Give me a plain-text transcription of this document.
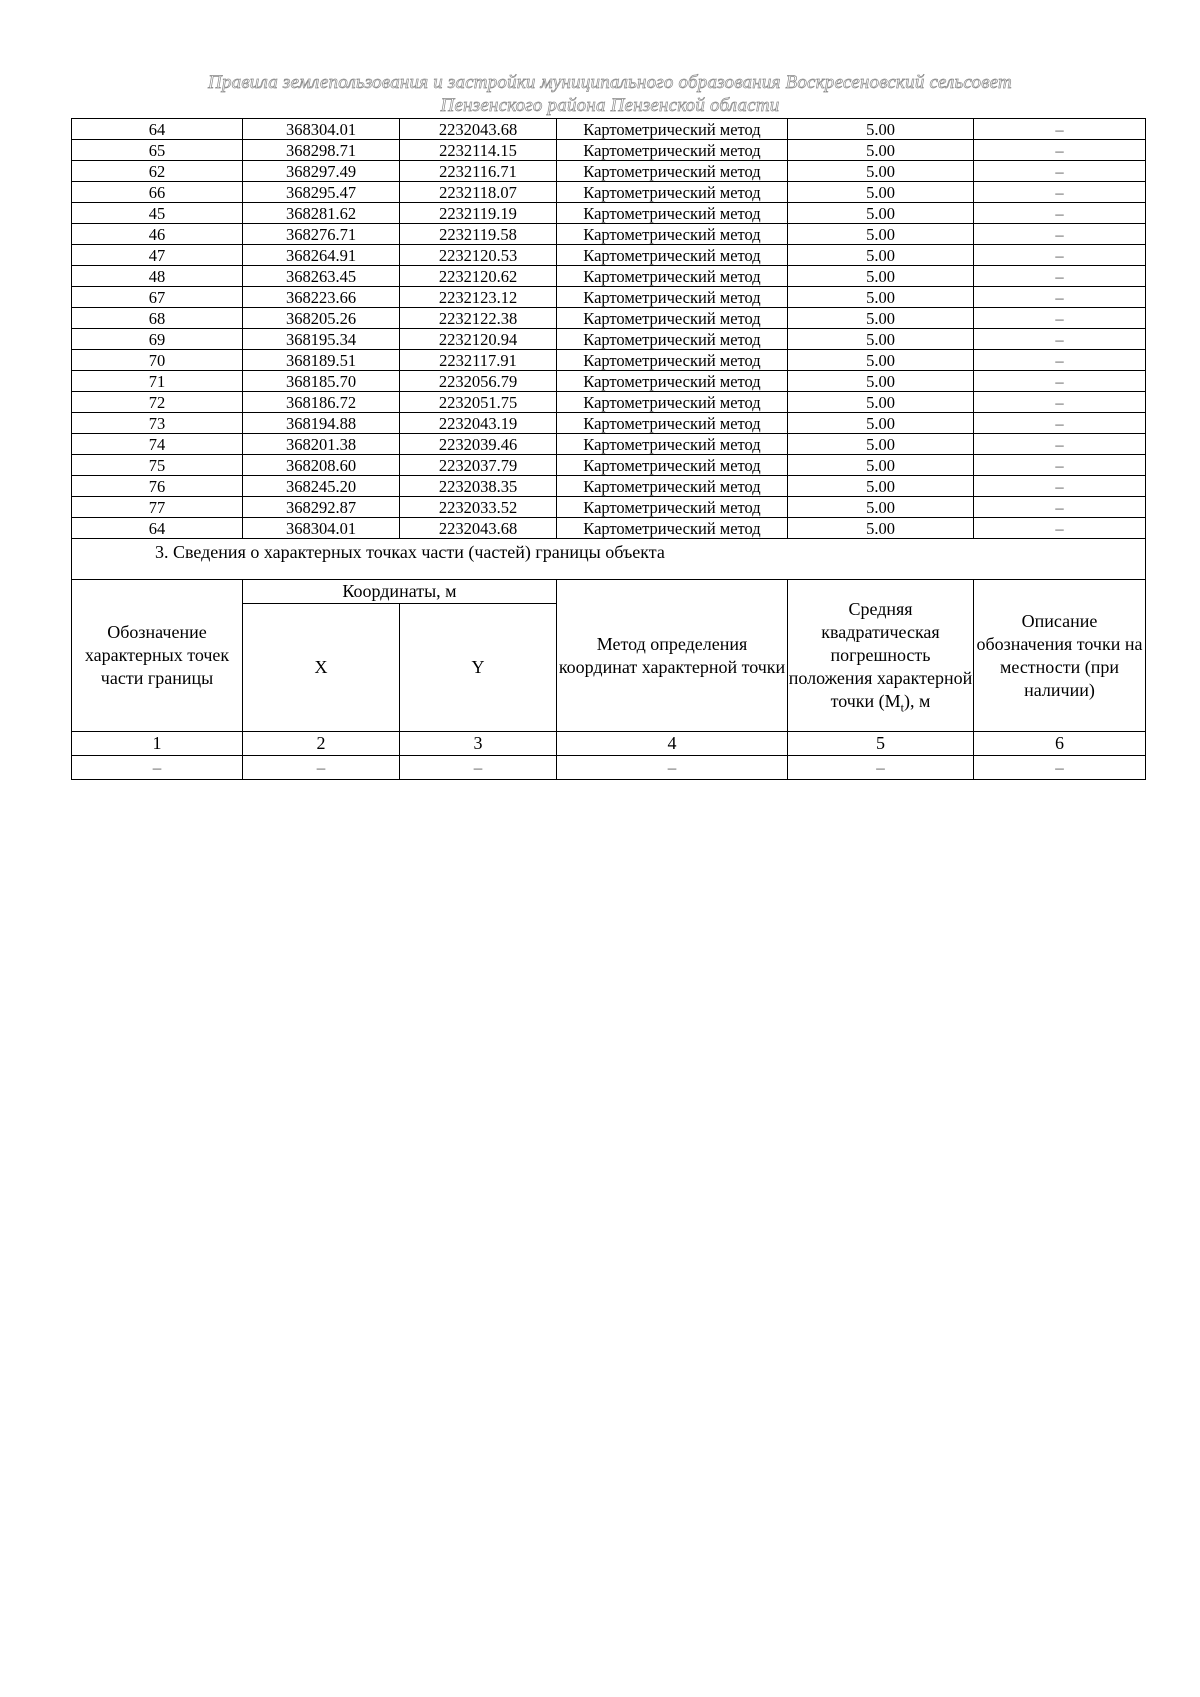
Правила землепользования и застройки муниципального образования Воскресеновский сельсовет
Пензенского района Пензенской области
64	368304.01	2232043.68	Картометрический метод	5.00	–
65	368298.71	2232114.15	Картометрический метод	5.00	–
62	368297.49	2232116.71	Картометрический метод	5.00	–
66	368295.47	2232118.07	Картометрический метод	5.00	–
45	368281.62	2232119.19	Картометрический метод	5.00	–
46	368276.71	2232119.58	Картометрический метод	5.00	–
47	368264.91	2232120.53	Картометрический метод	5.00	–
48	368263.45	2232120.62	Картометрический метод	5.00	–
67	368223.66	2232123.12	Картометрический метод	5.00	–
68	368205.26	2232122.38	Картометрический метод	5.00	–
69	368195.34	2232120.94	Картометрический метод	5.00	–
70	368189.51	2232117.91	Картометрический метод	5.00	–
71	368185.70	2232056.79	Картометрический метод	5.00	–
72	368186.72	2232051.75	Картометрический метод	5.00	–
73	368194.88	2232043.19	Картометрический метод	5.00	–
74	368201.38	2232039.46	Картометрический метод	5.00	–
75	368208.60	2232037.79	Картометрический метод	5.00	–
76	368245.20	2232038.35	Картометрический метод	5.00	–
77	368292.87	2232033.52	Картометрический метод	5.00	–
64	368304.01	2232043.68	Картометрический метод	5.00	–
3. Сведения о характерных точках части (частей) границы объекта					
Обозначение характерных точек части границы	Координаты, м		Метод определения координат характерной точки	Средняя квадратическая погрешность положения характерной точки $(M_t)$, м	Описание обозначения точки на местности (при наличии)
	X	Y			
1	2	3	4	5	6
–	–	–	–	–	–
